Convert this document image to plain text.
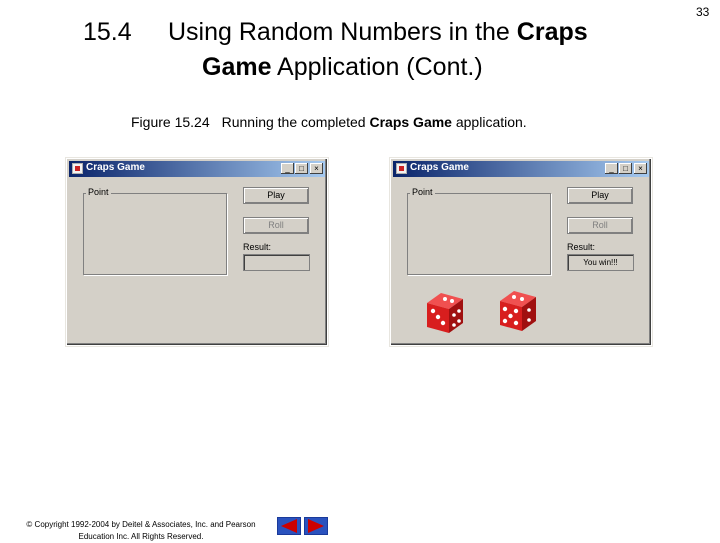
15.4 Using Random Numbers in the Craps
Game Application (Cont.)
33
Figure 15.24 Running the completed Craps Game application.
Craps Game	_	□	×
Point	Play
Roll
Result:
Craps Game	_	□	×
Point	Play
Roll
Result:
You win!!!
© Copyright 1992-2004 by Deitel & Associates, Inc. and Pearson
Education Inc. All Rights Reserved.
